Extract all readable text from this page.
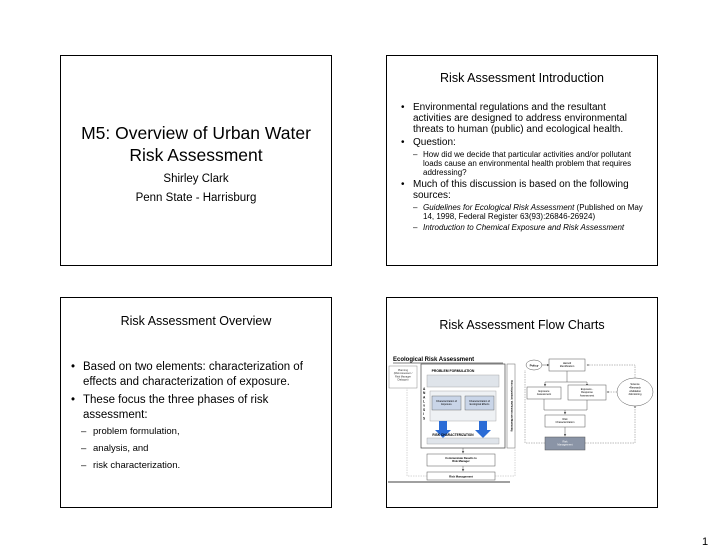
M5: Overview of Urban Water
Risk Assessment
Shirley Clark
Penn State - Harrisburg
Risk Assessment Introduction
• Environmental regulations and the resultant activities are designed to address environmental threats to human (public) and ecological health.
• Question:
– How did we decide that particular activities and/or pollutant loads cause an environmental health problem that requires addressing?
• Much of this discussion is based on the following sources:
– Guidelines for Ecological Risk Assessment (Published on May 14, 1998, Federal Register 63(93):26846-26924)
– Introduction to Chemical Exposure and Risk Assessment
Risk Assessment Overview
• Based on two elements: characterization of effects and characterization of exposure.
• These focus the three phases of risk assessment:
– problem formulation,
– analysis, and
– risk characterization.
Risk Assessment Flow Charts
Ecological Risk Assessment
Planning (Risk Assessor / Risk Manager Dialogue)
PROBLEM FORMULATION
A N A L Y S IS
Characterization of Exposure
Characterization of Ecological Effects
RISK CHARACTERIZATION
Data Acquisition; Verification and Monitoring
Communicate Results to Risk Manager
Risk Management
Policy	Hazard Identification
Exposure Assessment
Exposure -Response Assessment
Science •Research •Validation •Monitoring
Risk Characterization
Risk Management
1
